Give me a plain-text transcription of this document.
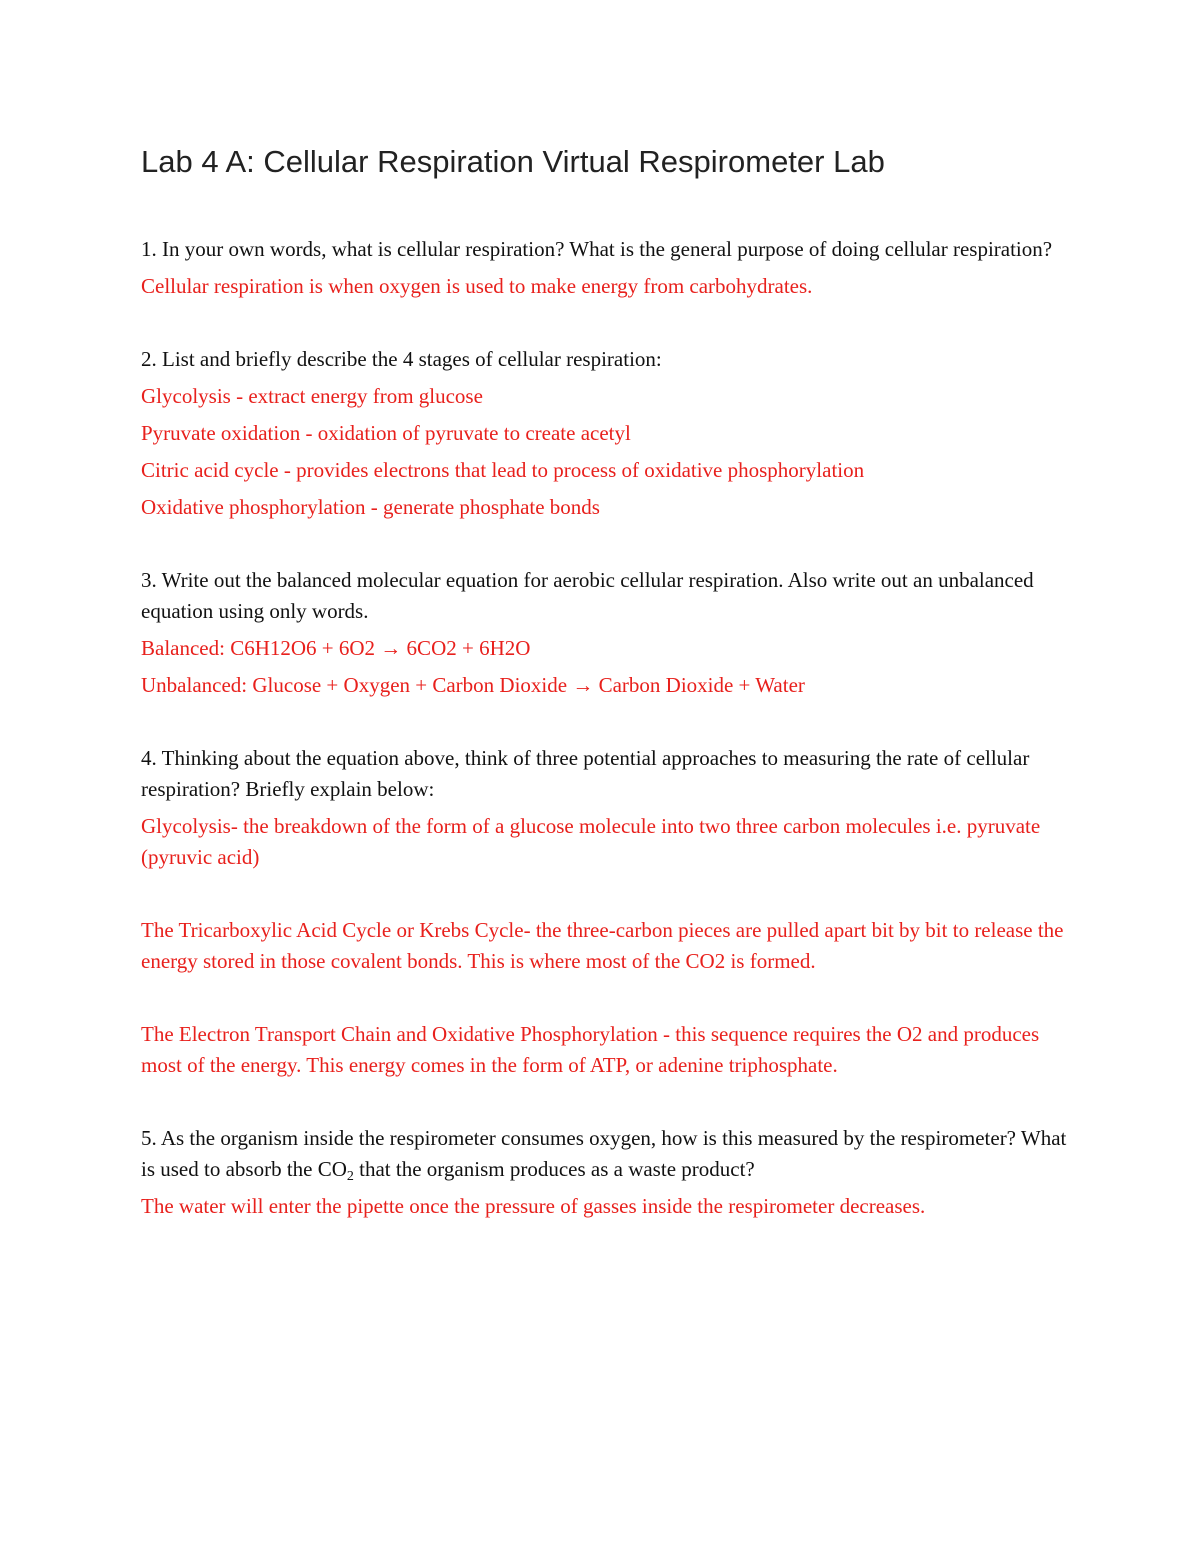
Lab 4 A: Cellular Respiration Virtual Respirometer Lab

1. In your own words, what is cellular respiration? What is the general purpose of doing cellular respiration?

Cellular respiration is when oxygen is used to make energy from carbohydrates.

2. List and briefly describe the 4 stages of cellular respiration:

Glycolysis - extract energy from glucose

Pyruvate oxidation - oxidation of pyruvate to create acetyl

Citric acid cycle - provides electrons that lead to process of oxidative phosphorylation

Oxidative phosphorylation - generate phosphate bonds

3. Write out the balanced molecular equation for aerobic cellular respiration. Also write out an unbalanced equation using only words.

Balanced: C6H12O6 + 6O2 → 6CO2 + 6H2O

Unbalanced: Glucose + Oxygen + Carbon Dioxide → Carbon Dioxide + Water

4. Thinking about the equation above, think of three potential approaches to measuring the rate of cellular respiration? Briefly explain below:

Glycolysis- the breakdown of the form of a glucose molecule into two three carbon molecules i.e. pyruvate (pyruvic acid)

The Tricarboxylic Acid Cycle or Krebs Cycle- the three-carbon pieces are pulled apart bit by bit to release the energy stored in those covalent bonds. This is where most of the CO2 is formed.

The Electron Transport Chain and Oxidative Phosphorylation - this sequence requires the O2 and produces most of the energy. This energy comes in the form of ATP, or adenine triphosphate.

5. As the organism inside the respirometer consumes oxygen, how is this measured by the respirometer? What is used to absorb the $CO_2$ that the organism produces as a waste product?

The water will enter the pipette once the pressure of gasses inside the respirometer decreases.
